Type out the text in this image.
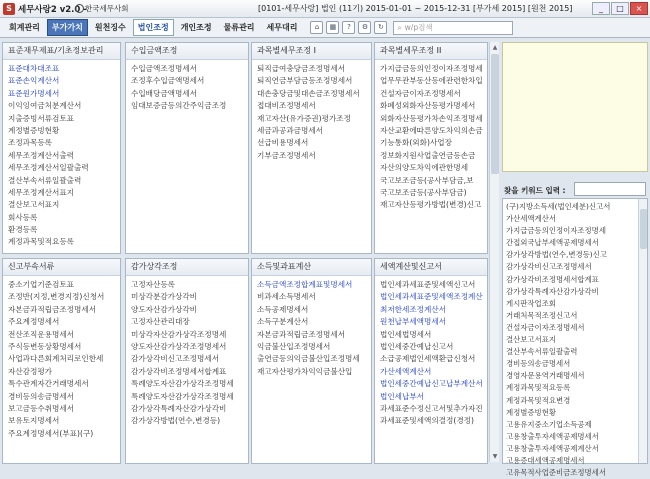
S 세무사랑2 v2.0 -
한국세무사회	[0101-세무사랑] 법인 (11기) 2015-01-01 ~ 2015-12-31 [부가세 2015] [원천 2015]	_	□	×
회계관리	부가가치	원천징수	법인조정	개인조정	물류관리	세무대리	⌂	▦	?	⚙	↻	⌕ w/p검색
표준재무제표/기초정보관리
표준대차대조표
표준손익계산서
표준원가명세서
이익잉여금처분계산서
지출증빙서류검토표
계정별증빙현황
조정과목등록
세무조정계산서출력
세무조정계산서일괄출력
결산부속서류일괄출력
세무조정계산서표지
결산보고서표지
회사등록
환경등록
계정과목및적요등록
수입금액조정
수입금액조정명세서
조정후수입금액명세서
수입배당금액명세서
임대보증금등의간주익금조정
과목별세무조정 I
퇴직급여충당금조정명세서
퇴직연금부담금등조정명세서
대손충당금및대손금조정명세서
접대비조정명세서
재고자산(유가증권)평가조정
세금과공과금명세서
선급비용명세서
기부금조정명세서
과목별세무조정 II
가지급금등의인정이자조정명세
업무무관부동산등에관련한차입
건설자금이자조정명세서
화폐성외화자산등평가명세서
외화자산등평가차손익조정명세
자산교환에따른양도차익의손금
기능통화(외화)사업장
정보화지원사업출연금등손금
자산의양도차익에관한명세
국고보조금등(공사부담금,보
국고보조금등(공사부담금)
재고자산등평가방법(변경)신고
신고부속서류
중소기업기준검토표
조정반(지정,변경지정)신청서
자본금과적립금조정명세서
주요계정명세서
전산조직운용명세서
주식등변동상황명세서
사업과다른회계처리로인한세
자산감정평가
특수관계자간거래명세서
경비등의송금명세서
보고금등수취명세서
보유토지명세서
주요계정명세서(부표)(구)
감가상각조정
고정자산등록
미상각분감가상각비
양도자산감가상각비
고정자산관리대장
미상각자산감가상각조정명세
양도자산감가상각조정명세서
감가상각비신고조정명세서
감가상각비조정명세서합계표
특례양도자산감가상각조정명세
특례양도자산감가상각조정명세
감가상각특례자산감가상각비
감가상각방법(연수,변경등)
소득및과표계산
소득금액조정합계표및명세서
비과세소득명세서
소득공제명세서
소득구분계산서
자본금과적립금조정명세서
익금불산입조정명세서
출연금등의익금불산입조정명세
재고자산평가차익익금불산입
세액계산및신고서
법인세과세표준및세액신고서
법인세과세표준및세액조정계산
최저한세조정계산서
원천납부세액명세서
법인세법명세서
법인세중간예납신고서
소급공제법인세액환급신청서
가산세액계산서
법인세중간예납신고납부계산서
법인세납부서
과세표준수정신고서및추가자진
과세표준및세액의결정(경정)
▲
▼
찾을 키워드 입력 :
(구)지방소득세(법인세분)신고서
가산세액계산서
가지급금등의인정이자조정명세
간접외국납부세액공제명세서
감가상각방법(연수,변경등)신고
감가상각비신고조정명세서
감가상각비조정명세서합계표
감가상각특례자산감가상각비
게시판작업조회
거래처목적조정신고서
건설자금이자조정명세서
결산보고서표지
결산부속서류일괄출력
경비등의송금명세서
경영자문용역거래명세서
계정과목및적요등록
계정과목및적요변경
계정별증빙현황
고용유지중소기업소득공제
고용창출투자세액공제명세서
고용창출투자세액공제계산서
고용증대세액공제명세서
고유목적사업준비금조정명세서
